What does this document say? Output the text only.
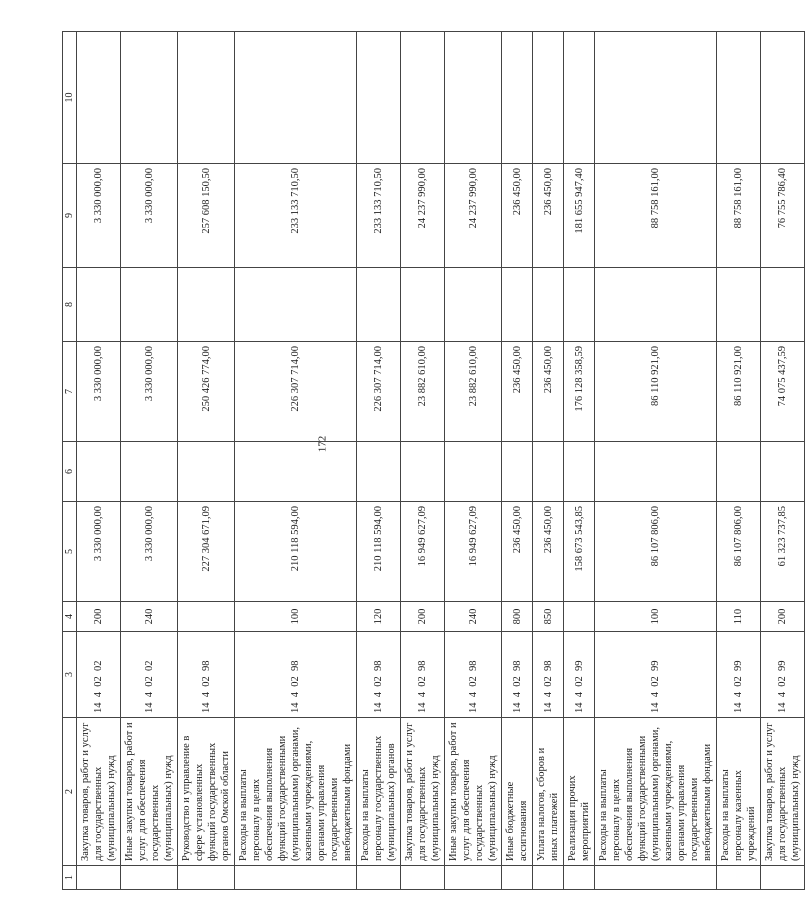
172
1	2	3	4	5	6	7	8	9	10
	Закупка товаров, работ и услуг для государственных (муниципальных) нужд	14  4  02  02	200	3 330 000,00		3 330 000,00		3 330 000,00	
	Иные закупки товаров, работ и услуг для обеспечения государственных (муниципальных) нужд	14  4  02  02	240	3 330 000,00		3 330 000,00		3 330 000,00	
	Руководство и управление в сфере установленных функций государственных органов Омской области	14  4  02  98		227 304 671,09		250 426 774,00		257 608 150,50	
	Расходы на выплаты персоналу в целях обеспечения выполнения функций государственными (муниципальными) органами, казенными учреждениями, органами управления государственными внебюджетными фондами	14  4  02  98	100	210 118 594,00		226 307 714,00		233 133 710,50	
	Расходы на выплаты персоналу государственных (муниципальных) органов	14  4  02  98	120	210 118 594,00		226 307 714,00		233 133 710,50	
	Закупка товаров, работ и услуг для государственных (муниципальных) нужд	14  4  02  98	200	16 949 627,09		23 882 610,00		24 237 990,00	
	Иные закупки товаров, работ и услуг для обеспечения государственных (муниципальных) нужд	14  4  02  98	240	16 949 627,09		23 882 610,00		24 237 990,00	
	Иные бюджетные ассигнования	14  4  02  98	800	236 450,00		236 450,00		236 450,00	
	Уплата налогов, сборов и иных платежей	14  4  02  98	850	236 450,00		236 450,00		236 450,00	
	Реализация прочих мероприятий	14  4  02  99		158 673 543,85		176 128 358,59		181 655 947,40	
	Расходы на выплаты персоналу в целях обеспечения выполнения функций государственными (муниципальными) органами, казенными учреждениями, органами управления государственными внебюджетными фондами	14  4  02  99	100	86 107 806,00		86 110 921,00		88 758 161,00	
	Расходы на выплаты персоналу казенных учреждений	14  4  02  99	110	86 107 806,00		86 110 921,00		88 758 161,00	
	Закупка товаров, работ и услуг для государственных (муниципальных) нужд	14  4  02  99	200	61 323 737,85		74 075 437,59		76 755 786,40	
